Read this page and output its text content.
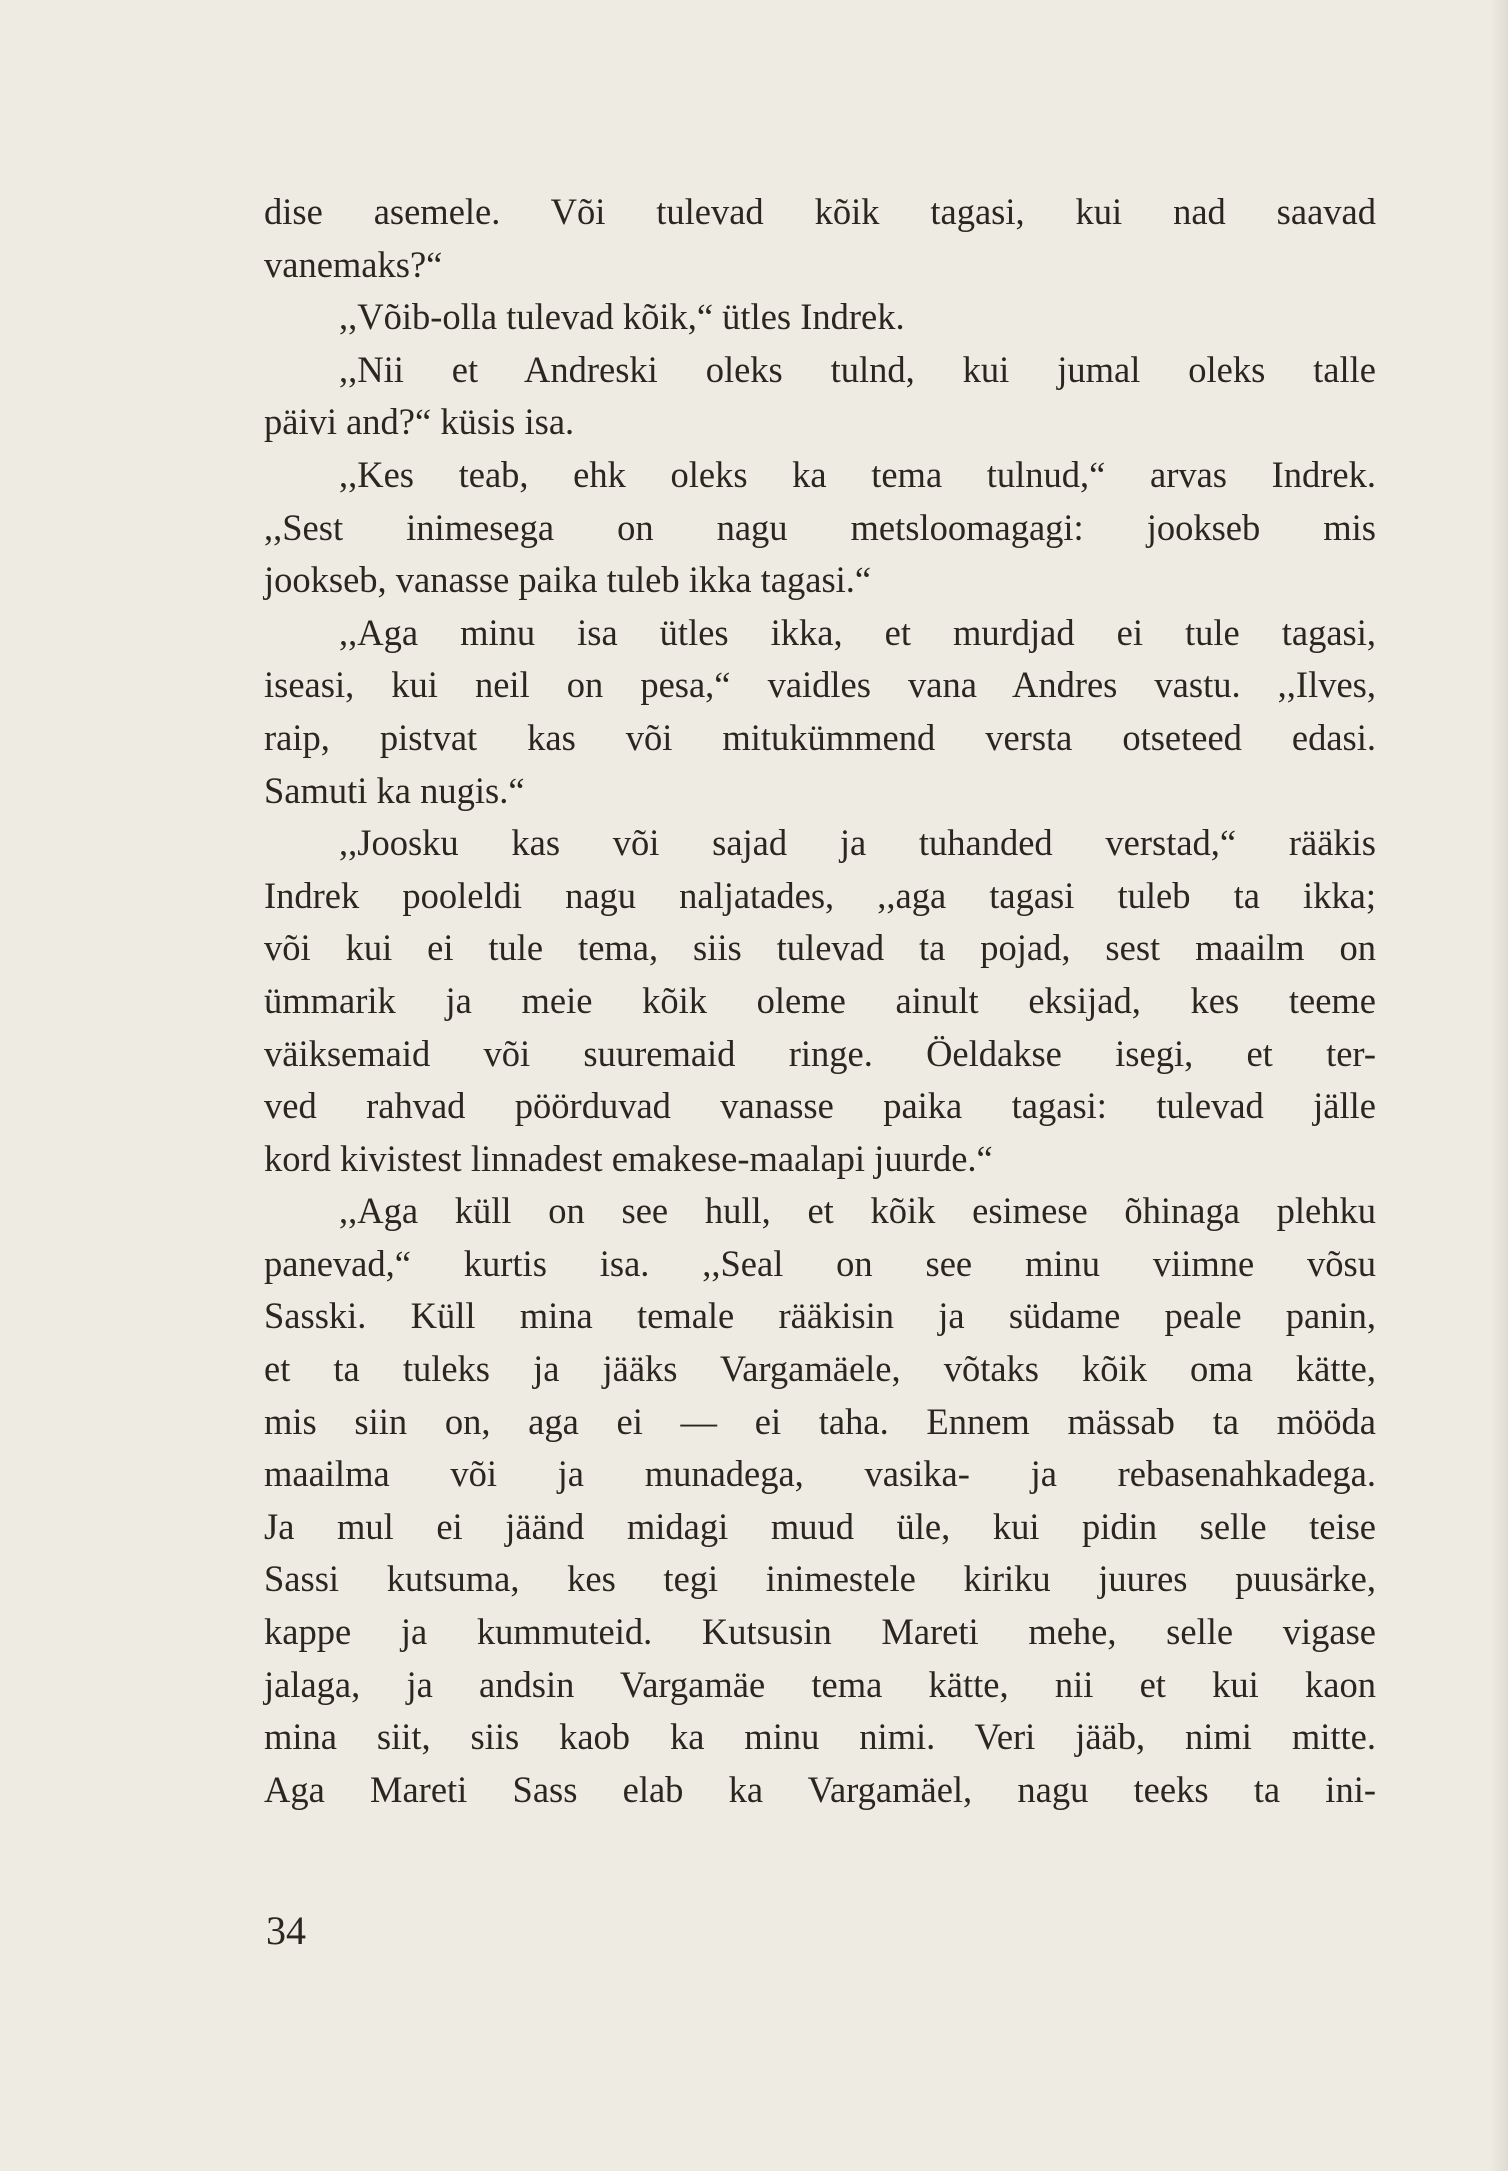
dise asemele. Või tulevad kõik tagasi, kui nad saavad
vanemaks?“
,,Võib-olla tulevad kõik,“ ütles Indrek.
,,Nii et Andreski oleks tulnd, kui jumal oleks talle
päivi and?“ küsis isa.
,,Kes teab, ehk oleks ka tema tulnud,“ arvas Indrek.
,,Sest inimesega on nagu metsloomagagi: jookseb mis
jookseb, vanasse paika tuleb ikka tagasi.“
,,Aga minu isa ütles ikka, et murdjad ei tule tagasi,
iseasi, kui neil on pesa,“ vaidles vana Andres vastu. ,,Ilves,
raip, pistvat kas või mitukümmend versta otseteed edasi.
Samuti ka nugis.“
,,Joosku kas või sajad ja tuhanded verstad,“ rääkis
Indrek pooleldi nagu naljatades, ,,aga tagasi tuleb ta ikka;
või kui ei tule tema, siis tulevad ta pojad, sest maailm on
ümmarik ja meie kõik oleme ainult eksijad, kes teeme
väiksemaid või suuremaid ringe. Öeldakse isegi, et ter-
ved rahvad pöörduvad vanasse paika tagasi: tulevad jälle
kord kivistest linnadest emakese-maalapi juurde.“
,,Aga küll on see hull, et kõik esimese õhinaga plehku
panevad,“ kurtis isa. ,,Seal on see minu viimne võsu
Sasski. Küll mina temale rääkisin ja südame peale panin,
et ta tuleks ja jääks Vargamäele, võtaks kõik oma kätte,
mis siin on, aga ei — ei taha. Ennem mässab ta mööda
maailma või ja munadega, vasika- ja rebasenahkadega.
Ja mul ei jäänd midagi muud üle, kui pidin selle teise
Sassi kutsuma, kes tegi inimestele kiriku juures puusärke,
kappe ja kummuteid. Kutsusin Mareti mehe, selle vigase
jalaga, ja andsin Vargamäe tema kätte, nii et kui kaon
mina siit, siis kaob ka minu nimi. Veri jääb, nimi mitte.
Aga Mareti Sass elab ka Vargamäel, nagu teeks ta ini-
34
